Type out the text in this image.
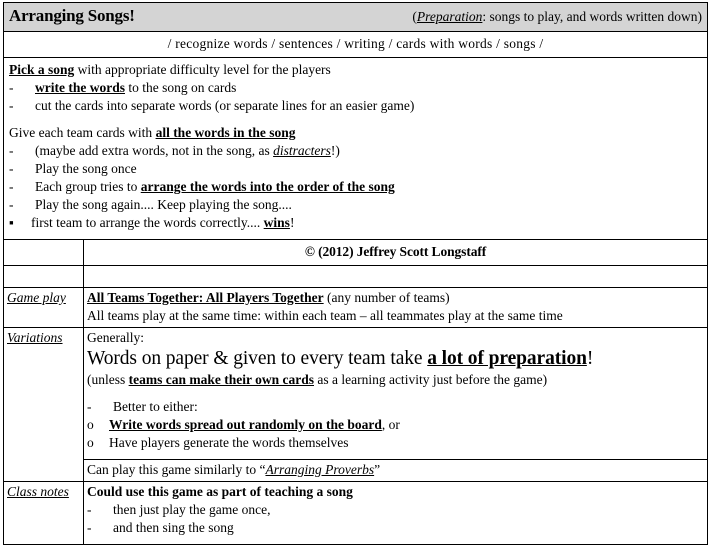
Arranging Songs! (Preparation: songs to play, and words written down)	

/ recognize words / sentences / writing / cards with words / songs /	

Pick a song with appropriate difficulty level for the players

- write the words to the song on cards

- cut the cards into separate words (or separate lines for an easier game)

Give each team cards with all the words in the song

- (maybe add extra words, not in the song, as distracters!)

- Play the song once

- Each group tries to arrange the words into the order of the song

- Play the song again.... Keep playing the song....

▪ first team to arrange the words correctly.... wins!

	© (2012) Jeffrey Scott Longstaff

Game play	All Teams Together: All Players Together (any number of teams)

All teams play at the same time: within each team – all teammates play at the same time

Variations	Generally:

Words on paper & given to every team take a lot of preparation!

(unless teams can make their own cards as a learning activity just before the game)

- Better to either:

o Write words spread out randomly on the board, or

o Have players generate the words themselves

	Can play this game similarly to “Arranging Proverbs”

Class notes	Could use this game as part of teaching a song

- then just play the game once,

- and then sing the song
